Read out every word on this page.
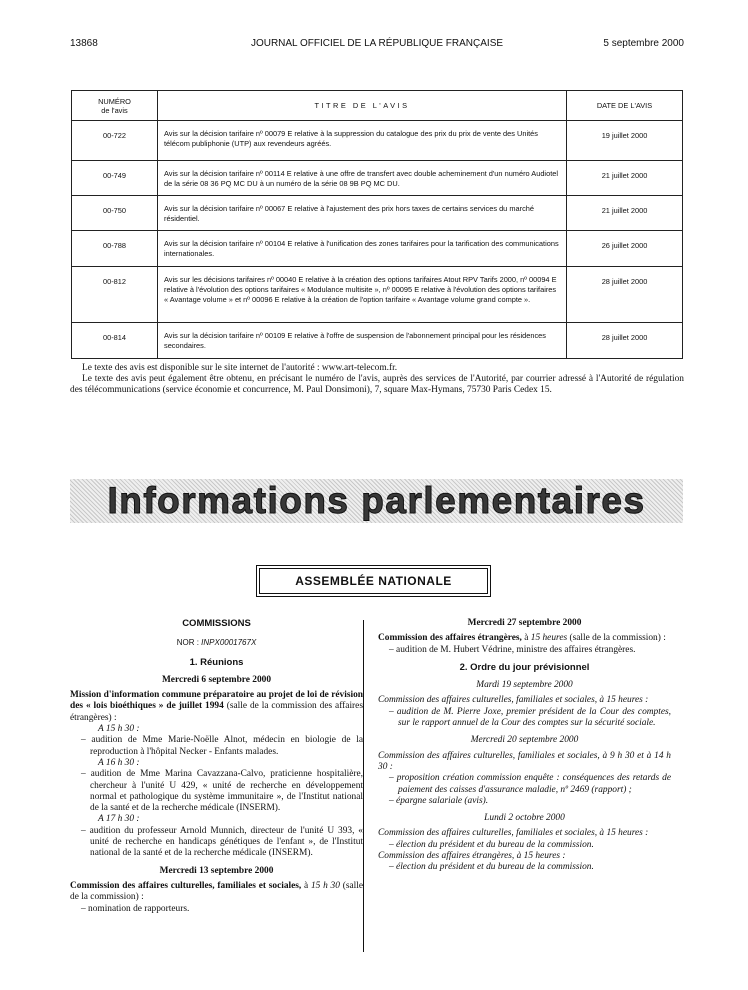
13868	JOURNAL OFFICIEL DE LA RÉPUBLIQUE FRANÇAISE	5 septembre 2000
NUMÉRO
de l'avis	TITRE DE L'AVIS	DATE DE L'AVIS
00-722	Avis sur la décision tarifaire nº 00079 E relative à la suppression du catalogue des prix du prix de vente des Unités télécom publiphonie (UTP) aux revendeurs agréés.	19 juillet 2000
00-749	Avis sur la décision tarifaire nº 00114 E relative à une offre de transfert avec double acheminement d'un numéro Audiotel de la série 08 36 PQ MC DU à un numéro de la série 08 9B PQ MC DU.	21 juillet 2000
00-750	Avis sur la décision tarifaire nº 00067 E relative à l'ajustement des prix hors taxes de certains services du marché résidentiel.	21 juillet 2000
00-788	Avis sur la décision tarifaire nº 00104 E relative à l'unification des zones tarifaires pour la tarification des communications internationales.	26 juillet 2000
00-812	Avis sur les décisions tarifaires nº 00040 E relative à la création des options tarifaires Atout RPV Tarifs 2000, nº 00094 E relative à l'évolution des options tarifaires « Modulance multisite », nº 00095 E relative à l'évolution des options tarifaires « Avantage volume » et nº 00096 E relative à la création de l'option tarifaire « Avantage volume grand compte ».	28 juillet 2000
00-814	Avis sur la décision tarifaire nº 00109 E relative à l'offre de suspension de l'abonnement principal pour les résidences secondaires.	28 juillet 2000

Le texte des avis est disponible sur le site internet de l'autorité : www.art-telecom.fr.

Le texte des avis peut également être obtenu, en précisant le numéro de l'avis, auprès des services de l'Autorité, par courrier adressé à l'Autorité de régulation des télécommunications (service économie et concurrence, M. Paul Donsimoni), 7, square Max-Hymans, 75730 Paris Cedex 15.

Informations parlementaires
ASSEMBLÉE NATIONALE
COMMISSIONS
NOR : INPX0001767X
1. Réunions
Mercredi 6 septembre 2000
Mission d'information commune préparatoire au projet de loi de révision des « lois bioéthiques » de juillet 1994 (salle de la commission des affaires étrangères) :
A 15 h 30 :
– audition de Mme Marie-Noëlle Alnot, médecin en biologie de la reproduction à l'hôpital Necker - Enfants malades.
A 16 h 30 :
– audition de Mme Marina Cavazzana-Calvo, praticienne hospitalière, chercheur à l'unité U 429, « unité de recherche en développement normal et pathologique du système immunitaire », de l'Institut national de la santé et de la recherche médicale (INSERM).
A 17 h 30 :
– audition du professeur Arnold Munnich, directeur de l'unité U 393, « unité de recherche en handicaps génétiques de l'enfant », de l'Institut national de la santé et de la recherche médicale (INSERM).
Mercredi 13 septembre 2000
Commission des affaires culturelles, familiales et sociales, à 15 h 30 (salle de la commission) :
– nomination de rapporteurs.
Mercredi 27 septembre 2000
Commission des affaires étrangères, à 15 heures (salle de la commission) :
– audition de M. Hubert Védrine, ministre des affaires étrangères.
2. Ordre du jour prévisionnel
Mardi 19 septembre 2000
Commission des affaires culturelles, familiales et sociales, à 15 heures :
– audition de M. Pierre Joxe, premier président de la Cour des comptes, sur le rapport annuel de la Cour des comptes sur la sécurité sociale.
Mercredi 20 septembre 2000
Commission des affaires culturelles, familiales et sociales, à 9 h 30 et à 14 h 30 :
– proposition création commission enquête : conséquences des retards de paiement des caisses d'assurance maladie, nº 2469 (rapport) ;
– épargne salariale (avis).
Lundi 2 octobre 2000
Commission des affaires culturelles, familiales et sociales, à 15 heures :
– élection du président et du bureau de la commission.
Commission des affaires étrangères, à 15 heures :
– élection du président et du bureau de la commission.
